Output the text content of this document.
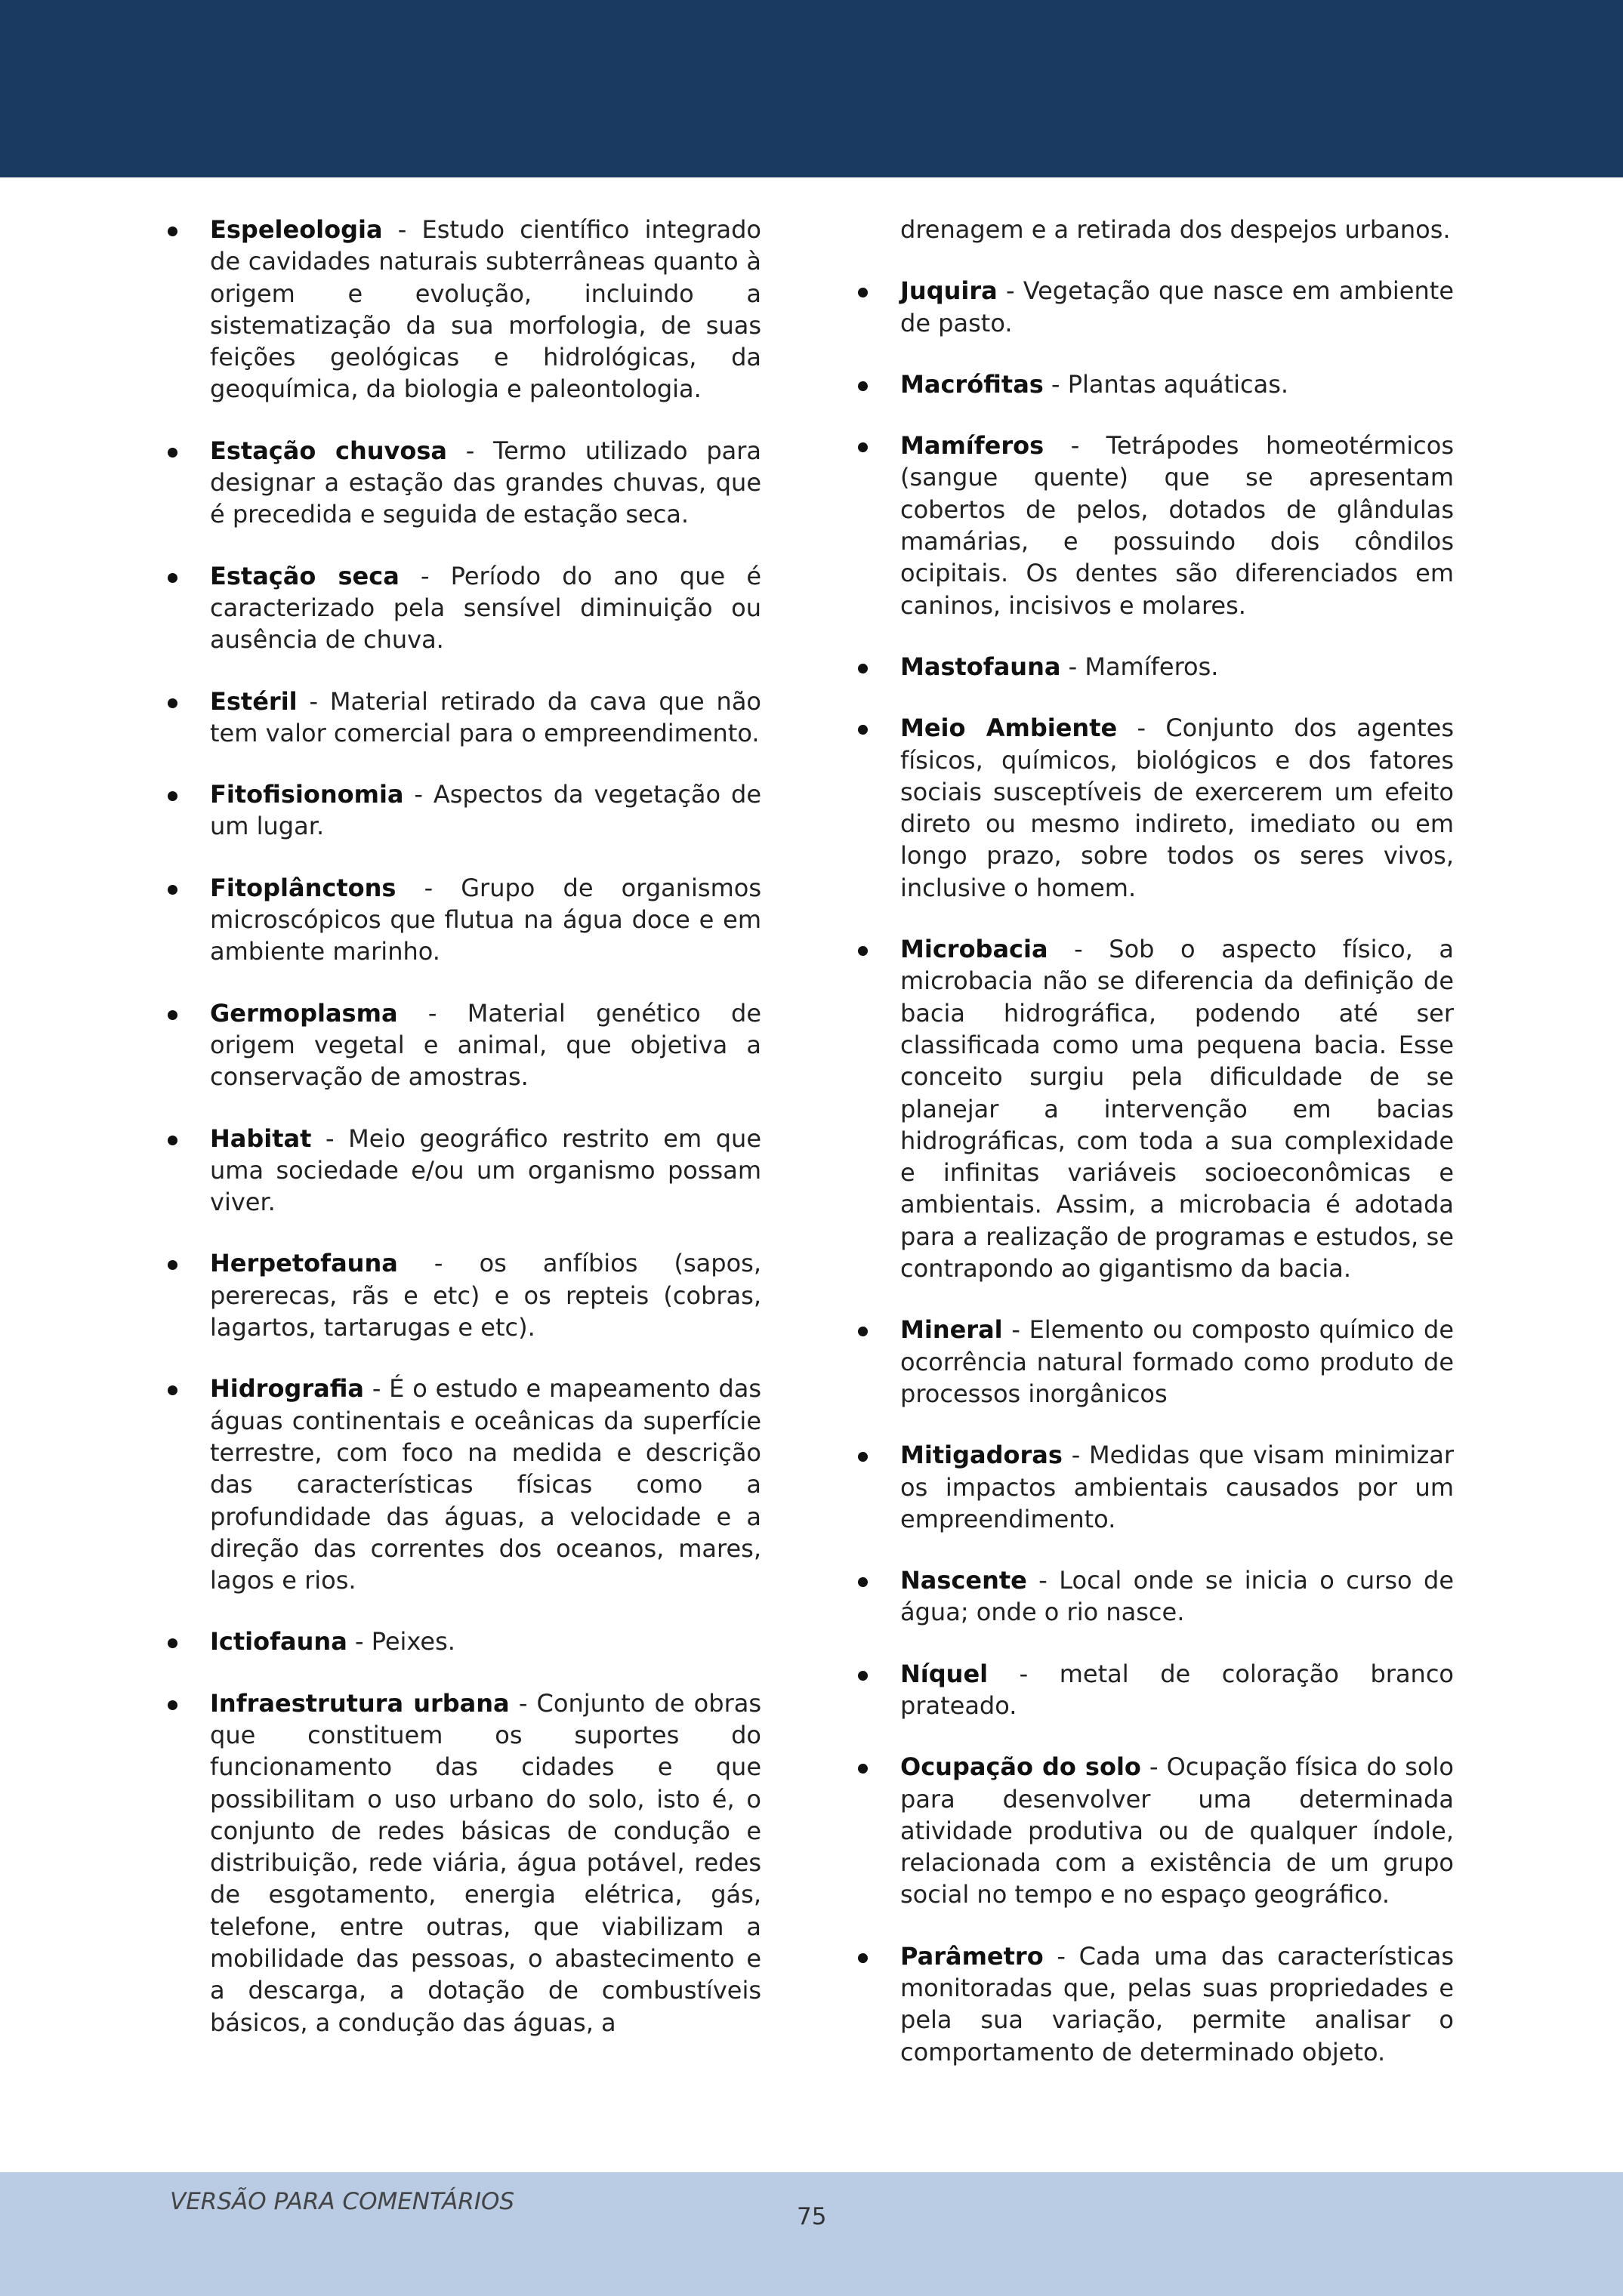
Espeleologia - Estudo científico integrado de cavidades naturais subterrâneas quanto à origem e evolução, incluindo a sistematização da sua morfologia, de suas feições geológicas e hidrológicas, da geoquímica, da biologia e paleontologia.

Estação chuvosa - Termo utilizado para designar a estação das grandes chuvas, que é precedida e seguida de estação seca.

Estação seca - Período do ano que é caracterizado pela sensível diminuição ou ausência de chuva.

Estéril - Material retirado da cava que não tem valor comercial para o empreendimento.

Fitofisionomia - Aspectos da vegetação de um lugar.

Fitoplânctons - Grupo de organismos microscópicos que flutua na água doce e em ambiente marinho.

Germoplasma - Material genético de origem vegetal e animal, que objetiva a conservação de amostras.

Habitat - Meio geográfico restrito em que uma sociedade e/ou um organismo possam viver.

Herpetofauna - os anfíbios (sapos, pererecas, rãs e etc) e os repteis (cobras, lagartos, tartarugas e etc).

Hidrografia - É o estudo e mapeamento das águas continentais e oceânicas da superfície terrestre, com foco na medida e descrição das características físicas como a profundidade das águas, a velocidade e a direção das correntes dos oceanos, mares, lagos e rios.

Ictiofauna - Peixes.

Infraestrutura urbana - Conjunto de obras que constituem os suportes do funcionamento das cidades e que possibilitam o uso urbano do solo, isto é, o conjunto de redes básicas de condução e distribuição, rede viária, água potável, redes de esgotamento, energia elétrica, gás, telefone, entre outras, que viabilizam a mobilidade das pessoas, o abastecimento e a descarga, a dotação de combustíveis básicos, a condução das águas, a

drenagem e a retirada dos despejos urbanos.

Juquira - Vegetação que nasce em ambiente de pasto.

Macrófitas - Plantas aquáticas.

Mamíferos - Tetrápodes homeotérmicos (sangue quente) que se apresentam cobertos de pelos, dotados de glândulas mamárias, e possuindo dois côndilos ocipitais. Os dentes são diferenciados em caninos, incisivos e molares.

Mastofauna - Mamíferos.

Meio Ambiente - Conjunto dos agentes físicos, químicos, biológicos e dos fatores sociais susceptíveis de exercerem um efeito direto ou mesmo indireto, imediato ou em longo prazo, sobre todos os seres vivos, inclusive o homem.

Microbacia - Sob o aspecto físico, a microbacia não se diferencia da definição de bacia hidrográfica, podendo até ser classificada como uma pequena bacia. Esse conceito surgiu pela dificuldade de se planejar a intervenção em bacias hidrográficas, com toda a sua complexidade e infinitas variáveis socioeconômicas e ambientais. Assim, a microbacia é adotada para a realização de programas e estudos, se contrapondo ao gigantismo da bacia.

Mineral - Elemento ou composto químico de ocorrência natural formado como produto de processos inorgânicos

Mitigadoras - Medidas que visam minimizar os impactos ambientais causados por um empreendimento.

Nascente - Local onde se inicia o curso de água; onde o rio nasce.

Níquel - metal de coloração branco prateado.

Ocupação do solo - Ocupação física do solo para desenvolver uma determinada atividade produtiva ou de qualquer índole, relacionada com a existência de um grupo social no tempo e no espaço geográfico.

Parâmetro - Cada uma das características monitoradas que, pelas suas propriedades e pela sua variação, permite analisar o comportamento de determinado objeto.

VERSÃO PARA COMENTÁRIOS
75
